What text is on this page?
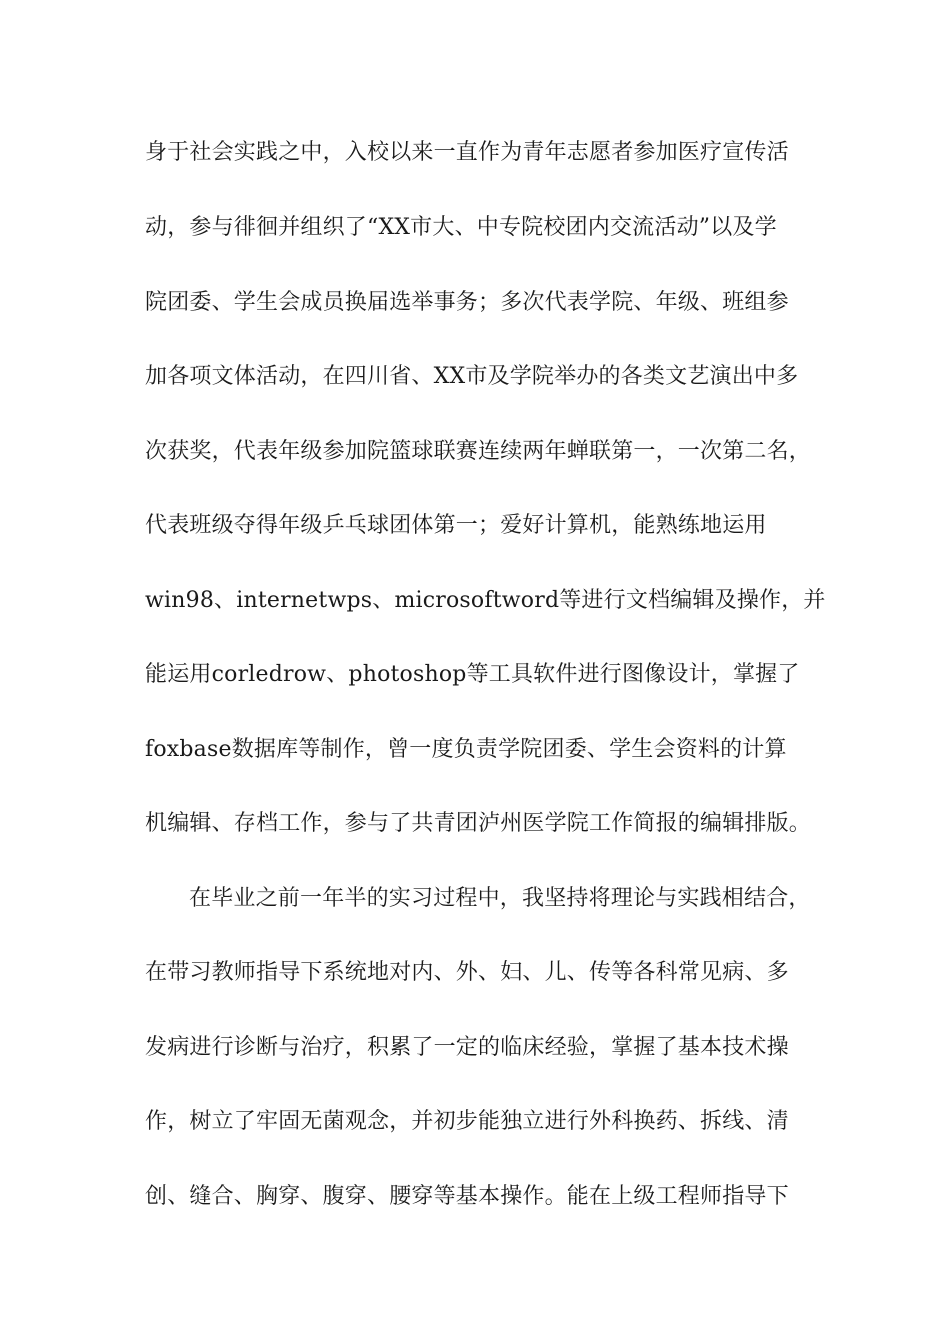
身于社会实践之中，入校以来一直作为青年志愿者参加医疗宣传活
动，参与徘徊并组织了“XX市大、中专院校团内交流活动”以及学
院团委、学生会成员换届选举事务；多次代表学院、年级、班组参
加各项文体活动，在四川省、XX市及学院举办的各类文艺演出中多
次获奖，代表年级参加院篮球联赛连续两年蝉联第一，一次第二名，
代表班级夺得年级乒乓球团体第一；爱好计算机，能熟练地运用
win98、internetwps、microsoftword等进行文档编辑及操作，并
能运用corledrow、photoshop等工具软件进行图像设计，掌握了
foxbase数据库等制作，曾一度负责学院团委、学生会资料的计算
机编辑、存档工作，参与了共青团泸州医学院工作简报的编辑排版。
在毕业之前一年半的实习过程中，我坚持将理论与实践相结合，
在带习教师指导下系统地对内、外、妇、儿、传等各科常见病、多
发病进行诊断与治疗，积累了一定的临床经验，掌握了基本技术操
作，树立了牢固无菌观念，并初步能独立进行外科换药、拆线、清
创、缝合、胸穿、腹穿、腰穿等基本操作。能在上级工程师指导下
